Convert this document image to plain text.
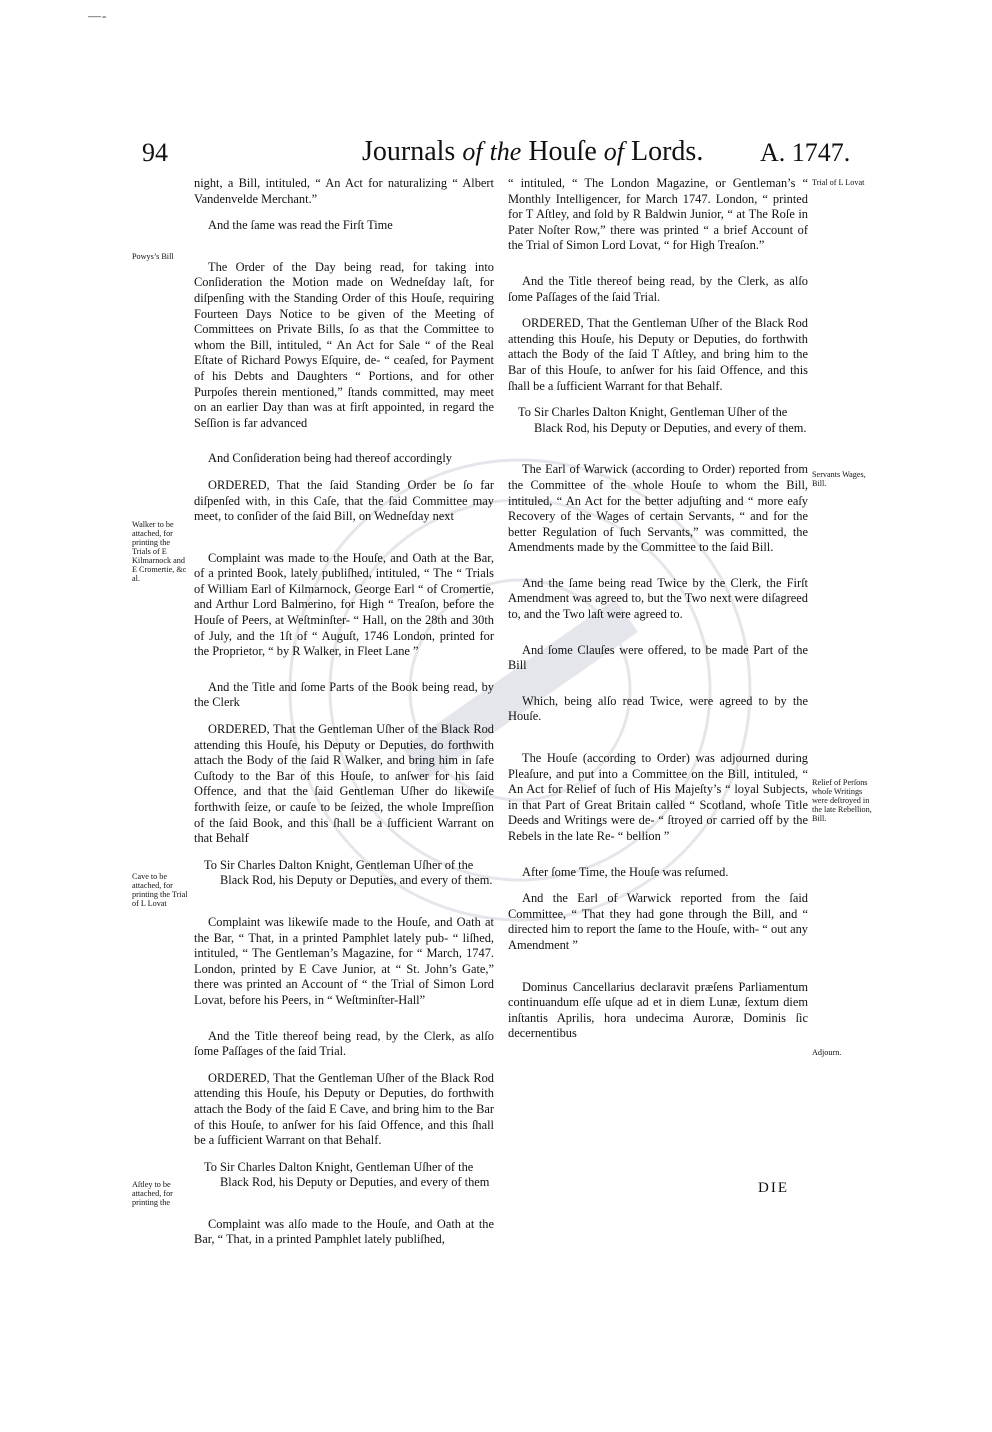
—-
94	Journals of the Houſe of Lords. A. 1747.

night, a Bill, intituled, “ An Act for naturalizing “ Albert Vandenvelde Merchant.”

And the ſame was read the Firſt Time

The Order of the Day being read, for taking into Conſideration the Motion made on Wedneſday laſt, for diſpenſing with the Standing Order of this Houſe, requiring Fourteen Days Notice to be given of the Meeting of Committees on Private Bills, ſo as that the Committee to whom the Bill, intituled, “ An Act for Sale “ of the Real Eſtate of Richard Powys Eſquire, de- “ ceaſed, for Payment of his Debts and Daughters “ Portions, and for other Purpoſes therein mentioned,” ſtands committed, may meet on an earlier Day than was at firſt appointed, in regard the Seſſion is far advanced

And Conſideration being had thereof accordingly

ORDERED, That the ſaid Standing Order be ſo far diſpenſed with, in this Caſe, that the ſaid Committee may meet, to conſider of the ſaid Bill, on Wedneſday next

Complaint was made to the Houſe, and Oath at the Bar, of a printed Book, lately publiſhed, intituled, “ The “ Trials of William Earl of Kilmarnock, George Earl “ of Cromertie, and Arthur Lord Balmerino, for High “ Treaſon, before the Houſe of Peers, at Weſtminſter- “ Hall, on the 28th and 30th of July, and the 1ſt of “ Auguſt, 1746 London, printed for the Proprietor, “ by R Walker, in Fleet Lane ”

And the Title and ſome Parts of the Book being read, by the Clerk

ORDERED, That the Gentleman Uſher of the Black Rod attending this Houſe, his Deputy or Deputies, do forthwith attach the Body of the ſaid R Walker, and bring him in ſafe Cuſtody to the Bar of this Houſe, to anſwer for his ſaid Offence, and that the ſaid Gentleman Uſher do likewiſe forthwith ſeize, or cauſe to be ſeized, the whole Impreſſion of the ſaid Book, and this ſhall be a ſufficient Warrant on that Behalf

To Sir Charles Dalton Knight, Gentleman Uſher of the Black Rod, his Deputy or Deputies, and every of them.

Complaint was likewiſe made to the Houſe, and Oath at the Bar, “ That, in a printed Pamphlet lately pub- “ liſhed, intituled, “ The Gentleman’s Magazine, for “ March, 1747. London, printed by E Cave Junior, at “ St. John’s Gate,” there was printed an Account of “ the Trial of Simon Lord Lovat, before his Peers, in “ Weſtminſter-Hall”

And the Title thereof being read, by the Clerk, as alſo ſome Paſſages of the ſaid Trial.

ORDERED, That the Gentleman Uſher of the Black Rod attending this Houſe, his Deputy or Deputies, do forthwith attach the Body of the ſaid E Cave, and bring him to the Bar of this Houſe, to anſwer for his ſaid Offence, and this ſhall be a ſufficient Warrant on that Behalf.

To Sir Charles Dalton Knight, Gentleman Uſher of the Black Rod, his Deputy or Deputies, and every of them

Complaint was alſo made to the Houſe, and Oath at the Bar, “ That, in a printed Pamphlet lately publiſhed,

“ intituled, “ The London Magazine, or Gentleman’s “ Monthly Intelligencer, for March 1747. London, “ printed for T Aſtley, and ſold by R Baldwin Junior, “ at The Roſe in Pater Noſter Row,” there was printed “ a brief Account of the Trial of Simon Lord Lovat, “ for High Treaſon.”

And the Title thereof being read, by the Clerk, as alſo ſome Paſſages of the ſaid Trial.

ORDERED, That the Gentleman Uſher of the Black Rod attending this Houſe, his Deputy or Deputies, do forthwith attach the Body of the ſaid T Aſtley, and bring him to the Bar of this Houſe, to anſwer for his ſaid Offence, and this ſhall be a ſufficient Warrant for that Behalf.

To Sir Charles Dalton Knight, Gentleman Uſher of the Black Rod, his Deputy or Deputies, and every of them.

The Earl of Warwick (according to Order) reported from the Committee of the whole Houſe to whom the Bill, intituled, “ An Act for the better adjuſting and “ more eaſy Recovery of the Wages of certain Servants, “ and for the better Regulation of ſuch Servants,” was committed, the Amendments made by the Committee to the ſaid Bill.

And the ſame being read Twice by the Clerk, the Firſt Amendment was agreed to, but the Two next were diſagreed to, and the Two laſt were agreed to.

And ſome Clauſes were offered, to be made Part of the Bill

Which, being alſo read Twice, were agreed to by the Houſe.

The Houſe (according to Order) was adjourned during Pleaſure, and put into a Committee on the Bill, intituled, “ An Act for Relief of ſuch of His Majeſty’s “ loyal Subjects, in that Part of Great Britain called “ Scotland, whoſe Title Deeds and Writings were de- “ ſtroyed or carried off by the Rebels in the late Re- “ bellion ”

After ſome Time, the Houſe was reſumed.

And the Earl of Warwick reported from the ſaid Committee, “ That they had gone through the Bill, and “ directed him to report the ſame to the Houſe, with- “ out any Amendment ”

Dominus Cancellarius declaravit præſens Parliamentum continuandum eſſe uſque ad et in diem Lunæ, ſextum diem inſtantis Aprilis, hora undecima Auroræ, Dominis ſic decernentibus

Powys’s Bill
Walker to be attached, for printing the Trials of E Kilmarnock and E Cromertie, &c al.
Cave to be attached, for printing the Trial of L Lovat
Aſtley to be attached, for printing the
Trial of L Lovat
Servants Wages, Bill.
Relief of Perſons whoſe Writings were deſtroyed in the late Rebellion, Bill.
Adjourn.
DIE
